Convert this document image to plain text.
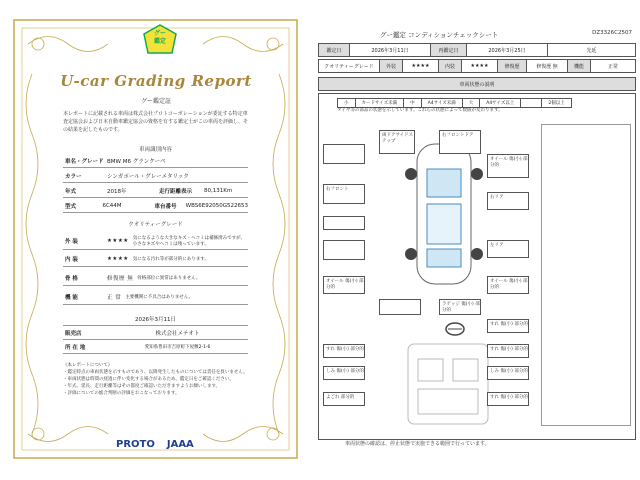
グー
鑑定
U-car Grading Report
グー鑑定証
本レポートに記載される車両は株式会社プロトコーポレーションが委託する特定車査定協会および日本自動車鑑定協会の資格を有する鑑定士がこの車両を評価し、その結果を記したものです。
車両識別内容
車名・グレード BMW M6 グランクーペ
カラー	シンガポール・グレーメタリック
年式	2018年	走行距離表示	80,131Km
型式	6C44M	車台番号	WBS6E92050G522653
クオリティーグレード
外 装	★★★★ 気になるような大きなキズ・ヘコミは補修済みですが、小さなキズやヘコミは残っています。
内 装	★★★★ 気になる汚れ等が部分的にあります。
骨 格	修復歴 無 骨格部位に異常はありません。
機 能	正 常 主要機関に不具合はありません。
2026年3月11日
販売店	株式会社メテオト
所 在 地	愛知県豊田市吉原町下屋敷2-1-6
《本レポートについて》
・鑑定時点の車両状態を示すものであり、以降発生したものについては責任を負いません。
・車両状態は時間の経過に伴い変化する場合があるため、鑑定日をご確認ください。
・年式、延長、走行距離等はその都度ご確認いただきますようお願いします。
・評価についての総合判断の評価をおこなっております。
PROTO JAAA
グー鑑定 コンディションチェックシート	DZ3326C2507
鑑定日	2026年3月11日	再鑑定日	2026年3月25日	先延
クオリティーグレード	外装	★★★★	内装	★★★★	修復歴	修復歴 無	機能	正常
車両状態の説明
小	カードサイズ未満	中	A4サイズ未満	大	A4サイズ以上	2個以上
タイヤ等の部品の状態を示しています。これらの状態によって数値が変わります。
右フロント
オイール 傷(小) 部分的
両ドアサイドステップ
右フロントドア
オイール 傷(小) 部分的
右リア
左リア
オイール 傷(小) 部分的
ラゲッジ 傷(小) 部分的
すれ 傷(小) 部分的
すれ 傷(小) 部分的
しみ 傷(小) 部分的
すれ 傷(小) 部分的
すれ 傷(小) 部分的
しみ 傷(小) 部分的
よごれ 部分的
車両状態の確認は、停止状態で実施できる範囲で行っています。
